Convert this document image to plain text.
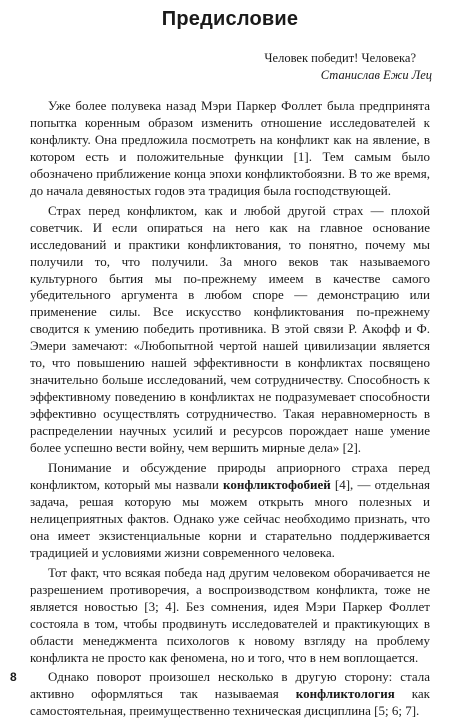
Предисловие
Человек победит! Человека?
Станислав Ежи Лец

Уже более полувека назад Мэри Паркер Фоллет была предпринята попытка коренным образом изменить отношение исследователей к конфликту. Она предложила посмотреть на конфликт как на явление, в котором есть и положительные функции [1]. Тем самым было обозначено приближение конца эпохи конфликтобоязни. В то же время, до начала девяностых годов эта традиция была господствующей.

Страх перед конфликтом, как и любой другой страх — плохой советчик. И если опираться на него как на главное основание исследований и практики конфликтования, то понятно, почему мы получили то, что получили. За много веков так называемого культурного бытия мы по-прежнему имеем в качестве самого убедительного аргумента в любом споре — демонстрацию или применение силы. Все искусство конфликтования по-прежнему сводится к умению победить противника. В этой связи Р. Акофф и Ф. Эмери замечают: «Любопытной чертой нашей цивилизации является то, что повышению нашей эффективности в конфликтах посвящено значительно больше исследований, чем сотрудничеству. Способность к эффективному поведению в конфликтах не подразумевает способности эффективно осуществлять сотрудничество. Такая неравномерность в распределении научных усилий и ресурсов порождает наше умение более успешно вести войну, чем вершить мирные дела» [2].

Понимание и обсуждение природы априорного страха перед конфликтом, который мы назвали конфликтофобией [4], — отдельная задача, решая которую мы можем открыть много полезных и нелицеприятных фактов. Однако уже сейчас необходимо признать, что она имеет экзистенциальные корни и старательно поддерживается традицией и условиями жизни современного человека.

Тот факт, что всякая победа над другим человеком оборачивается не разрешением противоречия, а воспроизводством конфликта, тоже не является новостью [3; 4]. Без сомнения, идея Мэри Паркер Фоллет состояла в том, чтобы продвинуть исследователей и практикующих в области менеджмента психологов к новому взгляду на проблему конфликта не просто как феномена, но и того, что в нем воплощается.

Однако поворот произошел несколько в другую сторону: стала активно оформляться так называемая конфликтология как самостоятельная, преимущественно техническая дисциплина [5; 6; 7].

8
